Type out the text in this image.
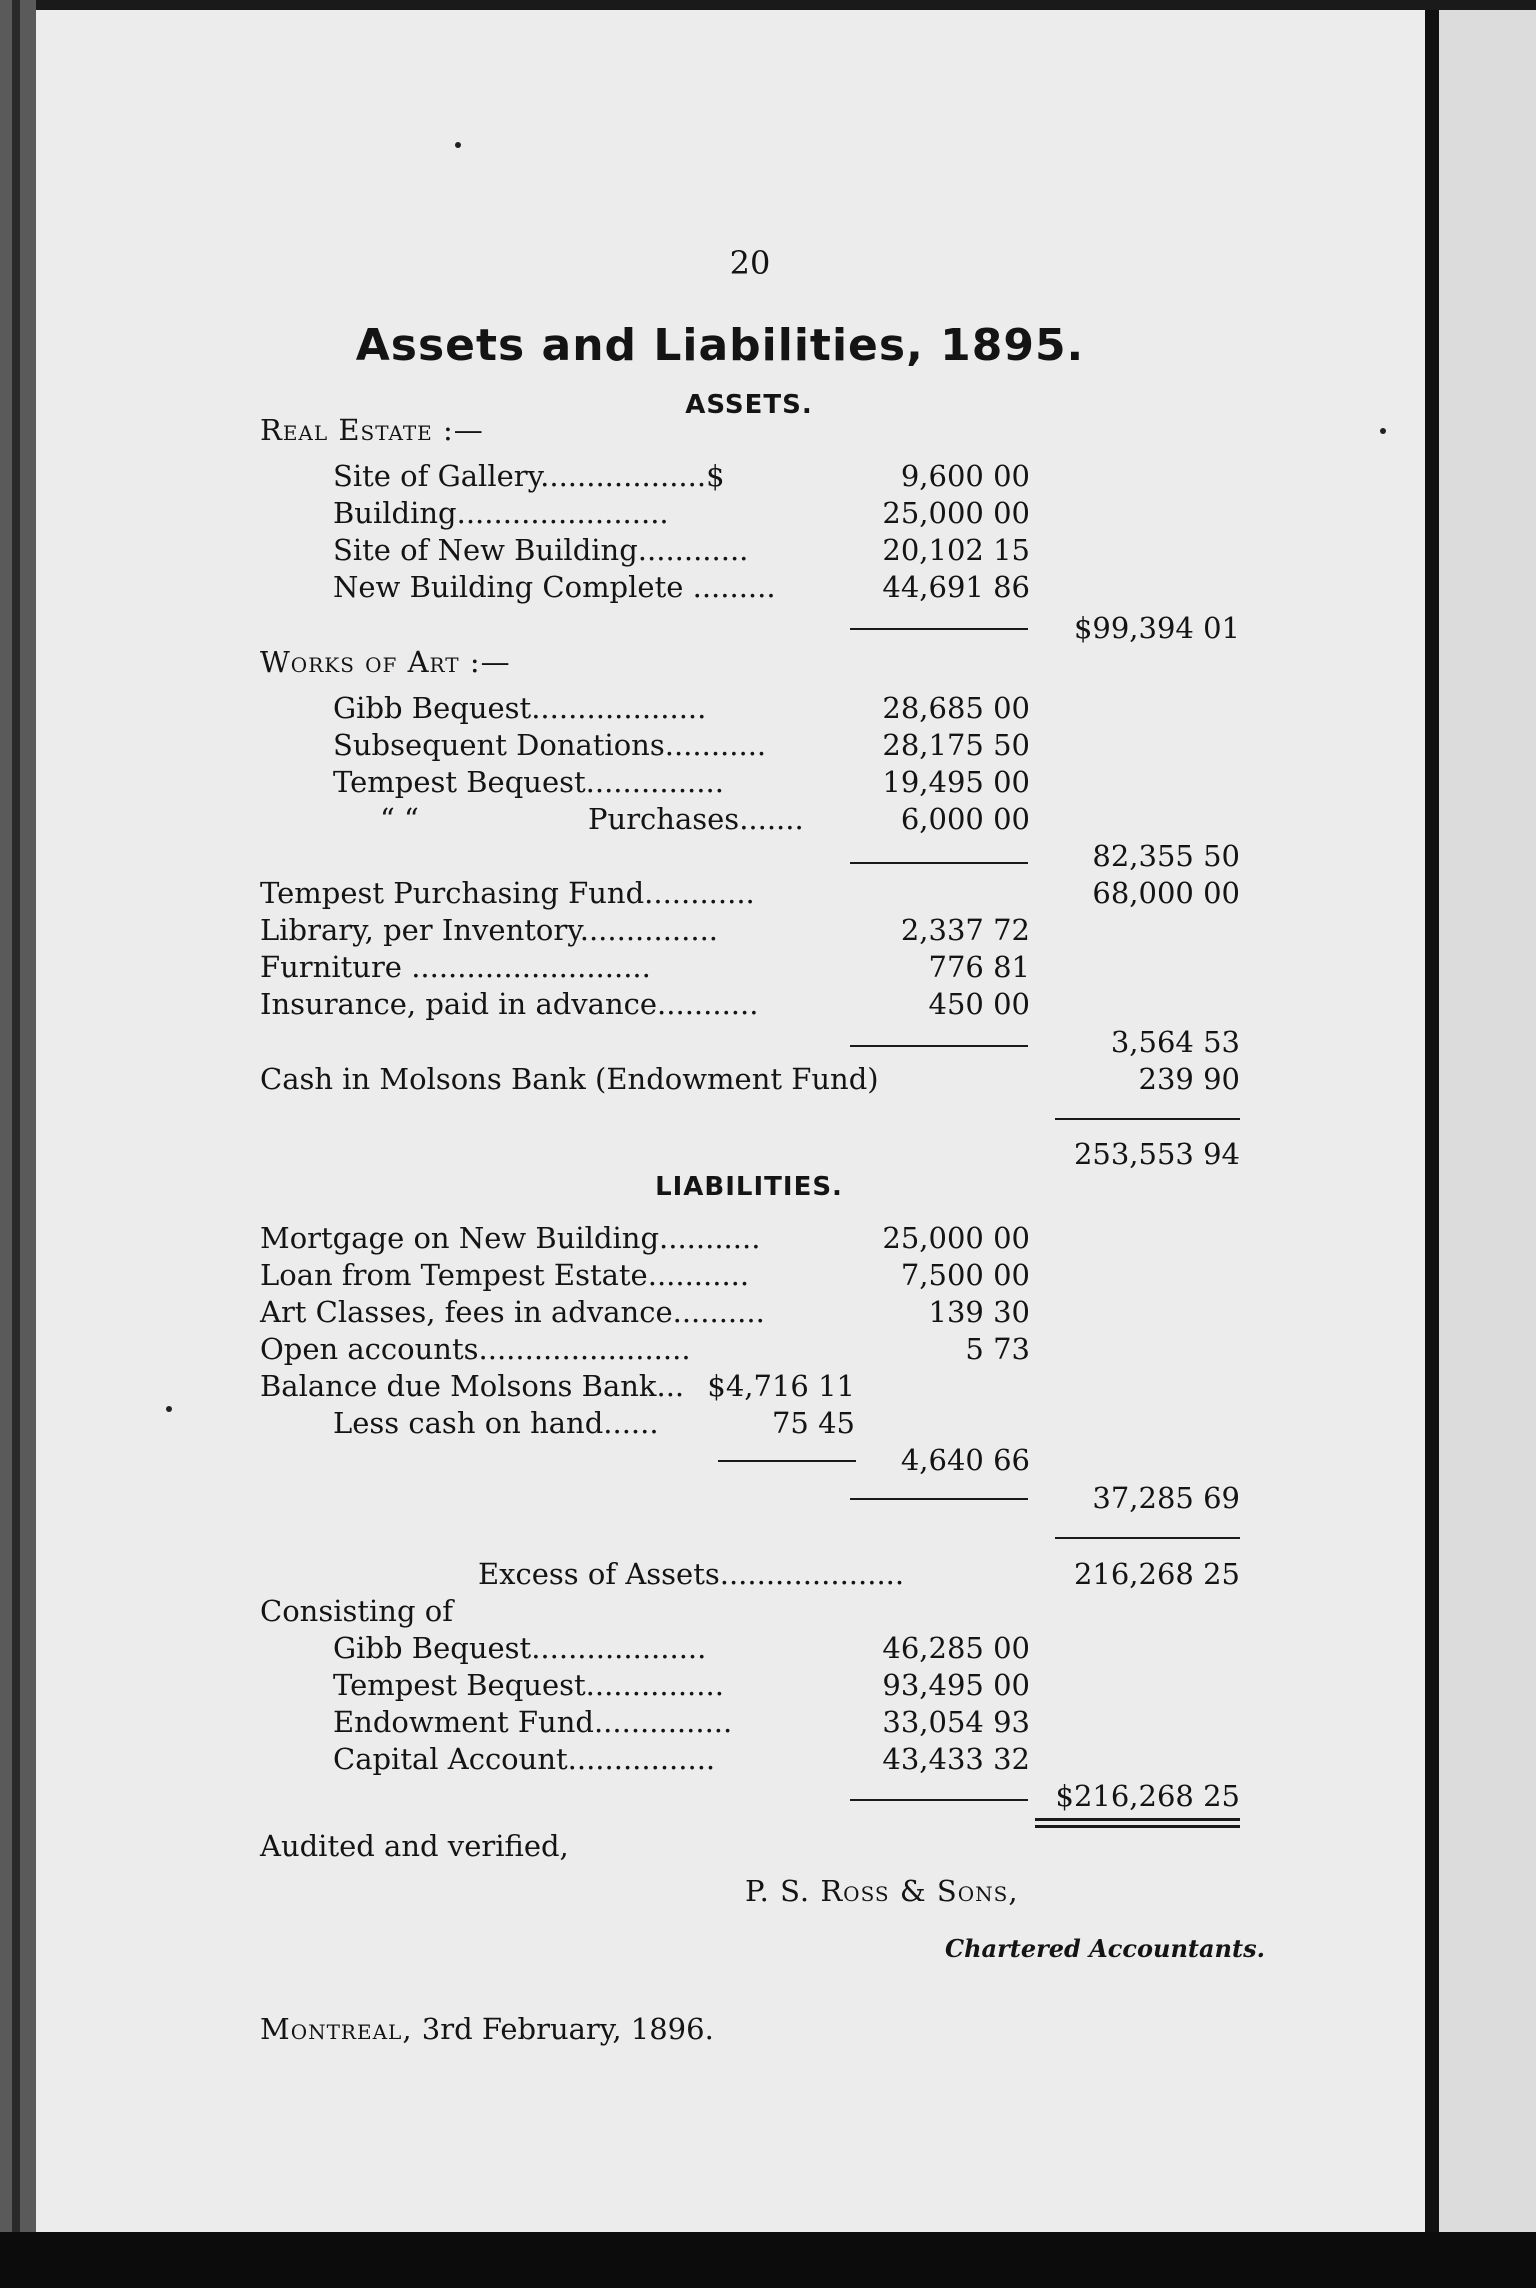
20
Assets and Liabilities, 1895.
ASSETS.
Real Estate :—
Site of Gallery..................$	9,600 00
Building.......................	25,000 00
Site of New Building............	20,102 15
New Building Complete .........	44,691 86
$99,394 01
Works of Art :—
Gibb Bequest...................	28,685 00
Subsequent Donations...........	28,175 50
Tempest Bequest...............	19,495 00
“ “	Purchases.......	6,000 00
82,355 50
Tempest Purchasing Fund............	68,000 00
Library, per Inventory...............	2,337 72
Furniture ..........................	776 81
Insurance, paid in advance...........	450 00
3,564 53
Cash in Molsons Bank (Endowment Fund)	239 90
253,553 94
LIABILITIES.
Mortgage on New Building...........	25,000 00
Loan from Tempest Estate...........	7,500 00
Art Classes, fees in advance..........	139 30
Open accounts.......................	5 73
Balance due Molsons Bank... $4,716 11
Less cash on hand......	75 45
4,640 66
37,285 69
Excess of Assets....................	216,268 25
Consisting of
Gibb Bequest...................	46,285 00
Tempest Bequest...............	93,495 00
Endowment Fund...............	33,054 93
Capital Account................	43,433 32
$216,268 25
Audited and verified,
P. S. Ross & Sons,
Chartered Accountants.
Montreal, 3rd February, 1896.
